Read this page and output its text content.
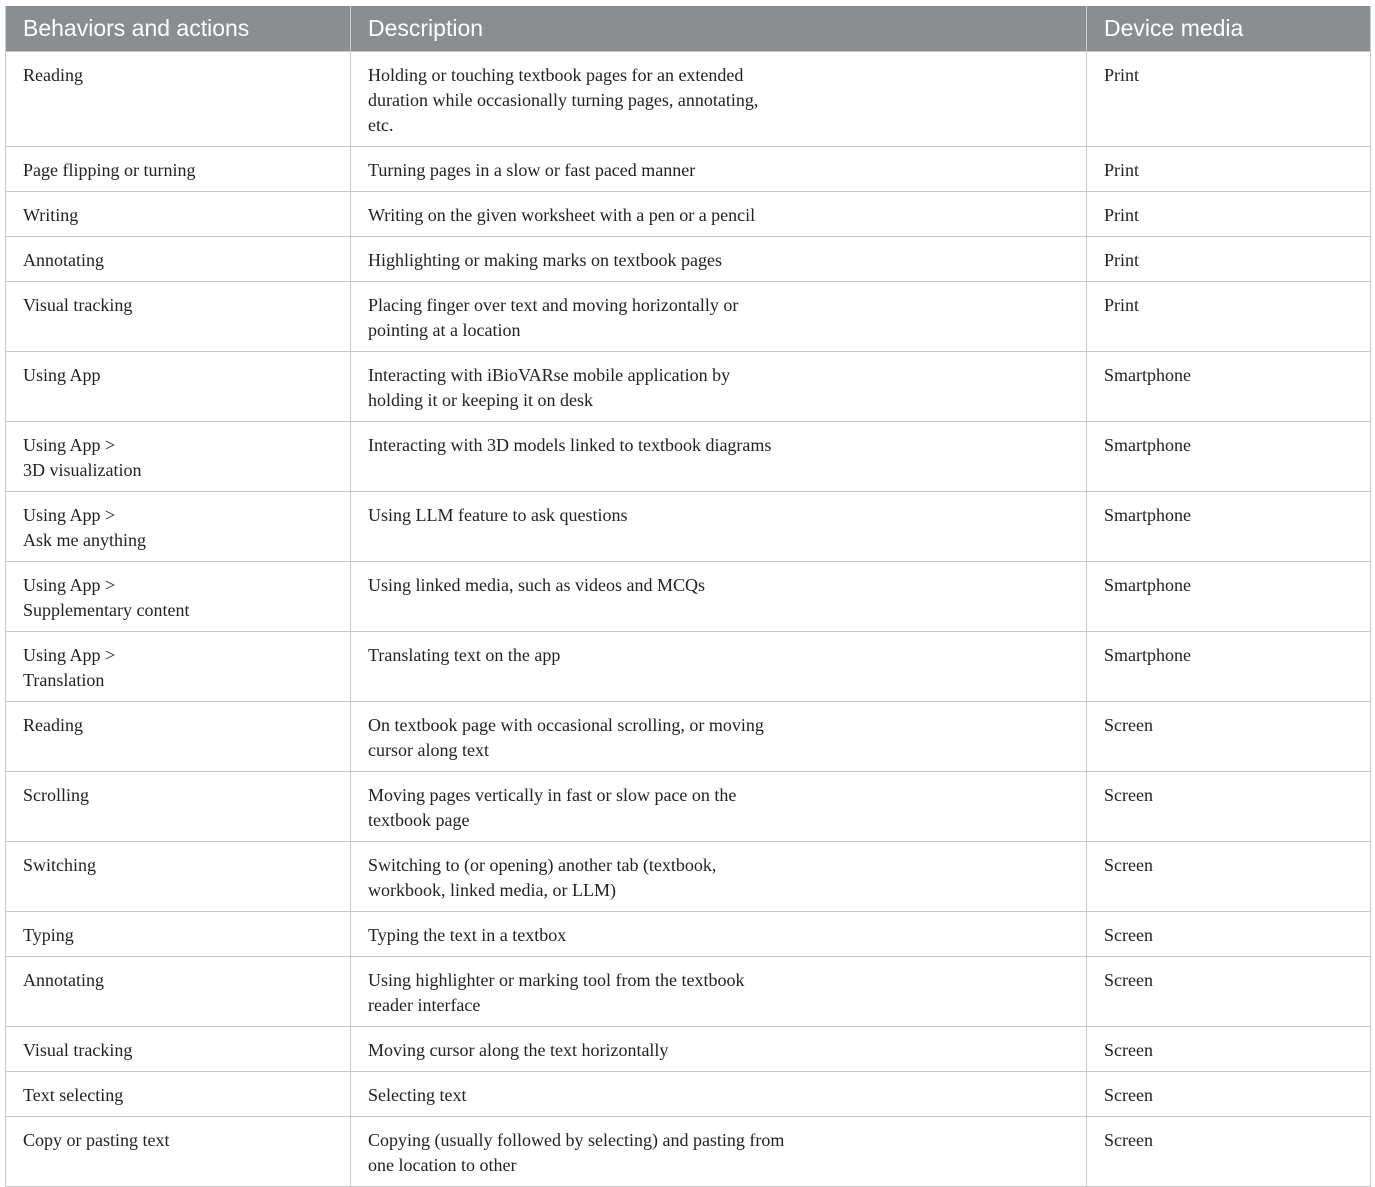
Behaviors and actions	Description	Device media

Reading	Holding or touching textbook pages for an extended duration while occasionally turning pages, annotating, etc.	Print

Page flipping or turning	Turning pages in a slow or fast paced manner	Print

Writing	Writing on the given worksheet with a pen or a pencil	Print

Annotating	Highlighting or making marks on textbook pages	Print

Visual tracking	Placing finger over text and moving horizontally or pointing at a location	Print

Using App	Interacting with iBioVARse mobile application by holding it or keeping it on desk	Smartphone

Using App >
3D visualization	Interacting with 3D models linked to textbook diagrams	Smartphone

Using App >
Ask me anything	Using LLM feature to ask questions	Smartphone

Using App >
Supplementary content	Using linked media, such as videos and MCQs	Smartphone

Using App >
Translation	Translating text on the app	Smartphone

Reading	On textbook page with occasional scrolling, or moving cursor along text	Screen

Scrolling	Moving pages vertically in fast or slow pace on the textbook page	Screen

Switching	Switching to (or opening) another tab (textbook, workbook, linked media, or LLM)	Screen

Typing	Typing the text in a textbox	Screen

Annotating	Using highlighter or marking tool from the textbook reader interface	Screen

Visual tracking	Moving cursor along the text horizontally	Screen

Text selecting	Selecting text	Screen

Copy or pasting text	Copying (usually followed by selecting) and pasting from one location to other	Screen
